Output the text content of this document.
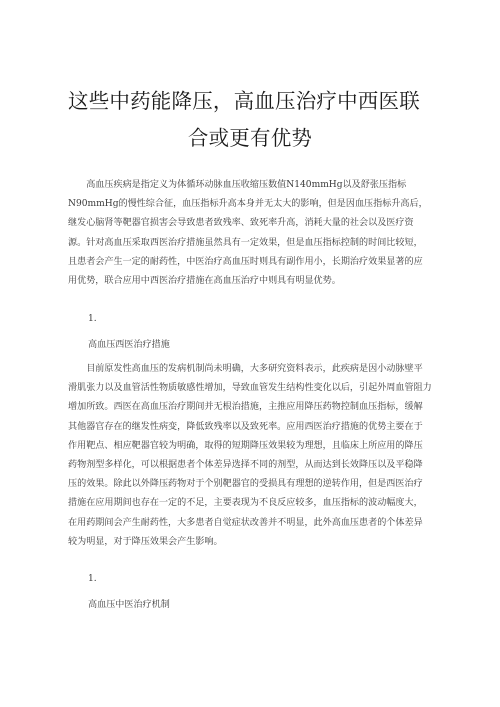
这些中药能降压，高血压治疗中西医联
合或更有优势
　　高血压疾病是指定义为体循环动脉血压收缩压数值N140mmHg以及舒张压指标
N90mmHg的慢性综合征，血压指标升高本身并无太大的影响，但是因血压指标升高后，
继发心脑肾等靶器官损害会导致患者致残率、致死率升高，消耗大量的社会以及医疗资
源。针对高血压采取西医治疗措施虽然具有一定效果，但是血压指标控制的时间比较短，
且患者会产生一定的耐药性，中医治疗高血压时则具有副作用小，长期治疗效果显著的应
用优势，联合应用中西医治疗措施在高血压治疗中则具有明显优势。
1.
高血压西医治疗措施
　　目前原发性高血压的发病机制尚未明确，大多研究资料表示，此疾病是因小动脉壁平
滑肌张力以及血管活性物质敏感性增加，导致血管发生结构性变化以后，引起外周血管阻力
增加所致。西医在高血压治疗期间并无根治措施，主推应用降压药物控制血压指标，缓解
其他器官存在的继发性病变，降低致残率以及致死率。应用西医治疗措施的优势主要在于
作用靶点、相应靶器官较为明确，取得的短期降压效果较为理想，且临床上所应用的降压
药物剂型多样化，可以根据患者个体差异选择不同的剂型，从而达到长效降压以及平稳降
压的效果。除此以外降压药物对于个别靶器官的受损具有理想的逆转作用，但是西医治疗
措施在应用期间也存在一定的不足，主要表现为不良反应较多，血压指标的波动幅度大，
在用药期间会产生耐药性，大多患者自觉症状改善并不明显，此外高血压患者的个体差异
较为明显，对于降压效果会产生影响。
1.
高血压中医治疗机制
